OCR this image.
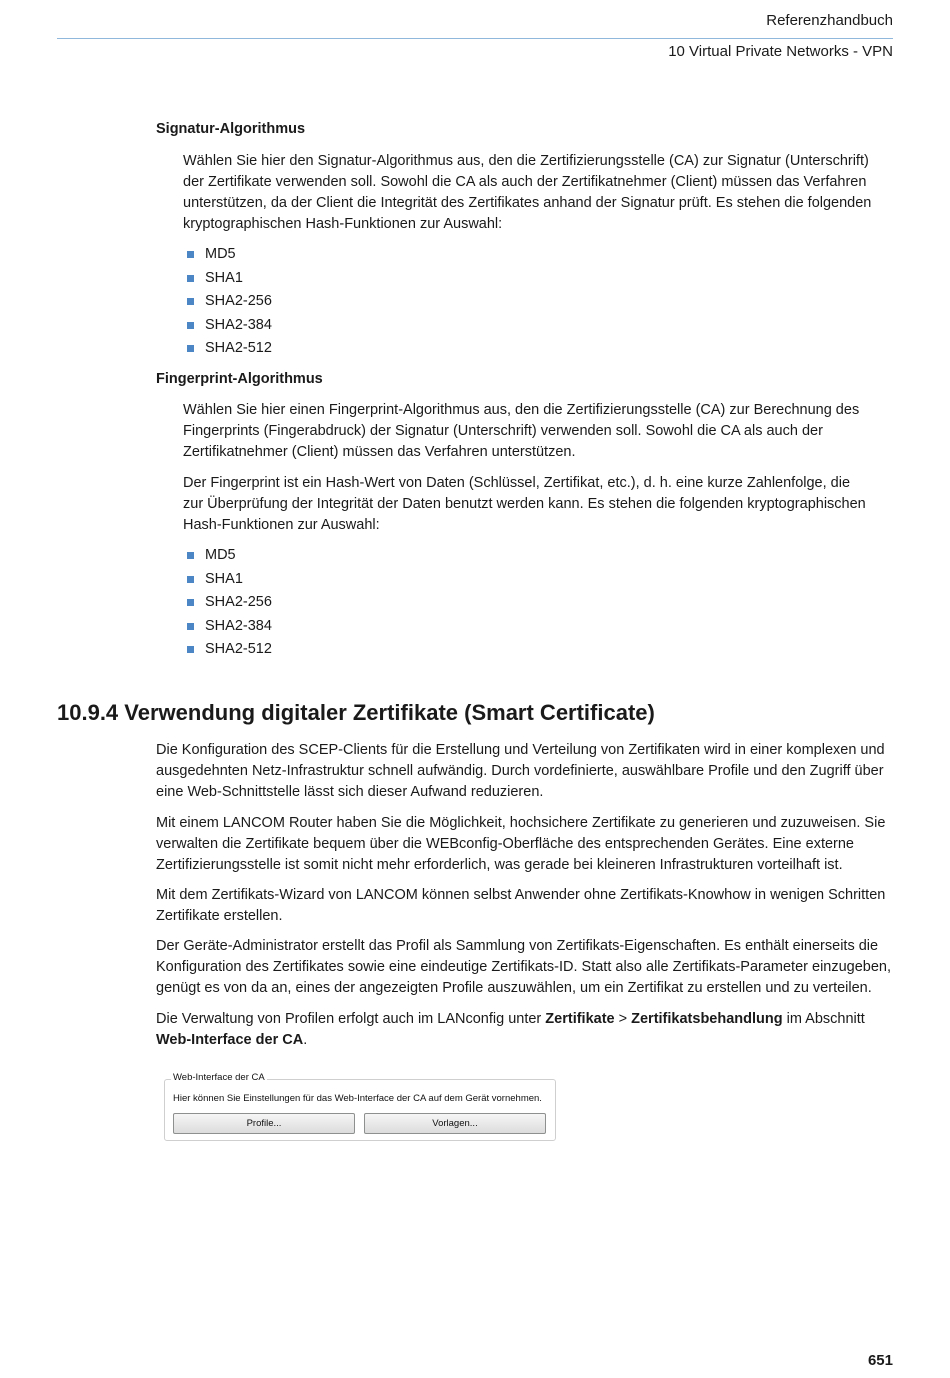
Referenzhandbuch
10 Virtual Private Networks - VPN
Signatur-Algorithmus

Wählen Sie hier den Signatur-Algorithmus aus, den die Zertifizierungsstelle (CA) zur Signatur (Unterschrift) der Zertifikate verwenden soll. Sowohl die CA als auch der Zertifikatnehmer (Client) müssen das Verfahren unterstützen, da der Client die Integrität des Zertifikates anhand der Signatur prüft. Es stehen die folgenden kryptographischen Hash-Funktionen zur Auswahl:

MD5
SHA1
SHA2-256
SHA2-384
SHA2-512
Fingerprint-Algorithmus

Wählen Sie hier einen Fingerprint-Algorithmus aus, den die Zertifizierungsstelle (CA) zur Berechnung des Fingerprints (Fingerabdruck) der Signatur (Unterschrift) verwenden soll. Sowohl die CA als auch der Zertifikatnehmer (Client) müssen das Verfahren unterstützen.

Der Fingerprint ist ein Hash-Wert von Daten (Schlüssel, Zertifikat, etc.), d. h. eine kurze Zahlenfolge, die zur Überprüfung der Integrität der Daten benutzt werden kann. Es stehen die folgenden kryptographischen Hash-Funktionen zur Auswahl:

MD5
SHA1
SHA2-256
SHA2-384
SHA2-512
10.9.4 Verwendung digitaler Zertifikate (Smart Certificate)

Die Konfiguration des SCEP-Clients für die Erstellung und Verteilung von Zertifikaten wird in einer komplexen und ausgedehnten Netz-Infrastruktur schnell aufwändig. Durch vordefinierte, auswählbare Profile und den Zugriff über eine Web-Schnittstelle lässt sich dieser Aufwand reduzieren.

Mit einem LANCOM Router haben Sie die Möglichkeit, hochsichere Zertifikate zu generieren und zuzuweisen. Sie verwalten die Zertifikate bequem über die WEBconfig-Oberfläche des entsprechenden Gerätes. Eine externe Zertifizierungsstelle ist somit nicht mehr erforderlich, was gerade bei kleineren Infrastrukturen vorteilhaft ist.

Mit dem Zertifikats-Wizard von LANCOM können selbst Anwender ohne Zertifikats-Knowhow in wenigen Schritten Zertifikate erstellen.

Der Geräte-Administrator erstellt das Profil als Sammlung von Zertifikats-Eigenschaften. Es enthält einerseits die Konfiguration des Zertifikates sowie eine eindeutige Zertifikats-ID. Statt also alle Zertifikats-Parameter einzugeben, genügt es von da an, eines der angezeigten Profile auszuwählen, um ein Zertifikat zu erstellen und zu verteilen.

Die Verwaltung von Profilen erfolgt auch im LANconfig unter Zertifikate > Zertifikatsbehandlung im Abschnitt Web-Interface der CA.

Web-Interface der CA
Hier können Sie Einstellungen für das Web-Interface der CA auf dem Gerät vornehmen.
Profile...	Vorlagen...
651
